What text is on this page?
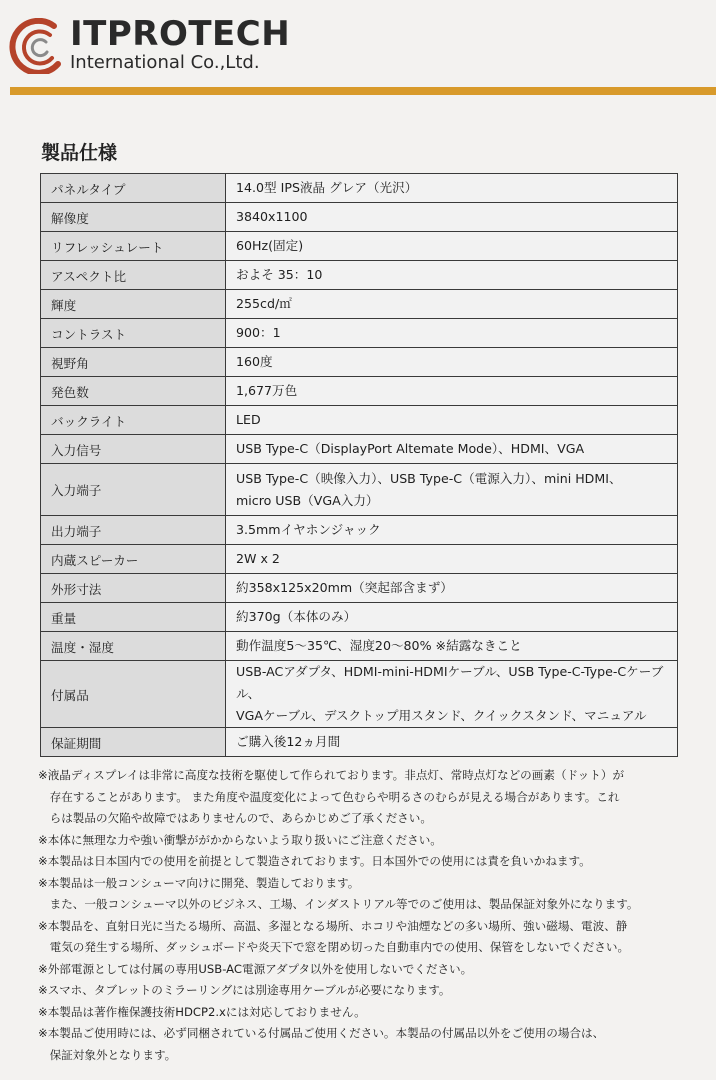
ITPROTECH
International Co.,Ltd.
製品仕様
パネルタイプ	14.0型 IPS液晶 グレア（光沢）
解像度	3840x1100
リフレッシュレート	60Hz(固定)
アスペクト比	およそ 35：10
輝度	255cd/㎡
コントラスト	900：1
視野角	160度
発色数	1,677万色
バックライト	LED
入力信号	USB Type-C（DisplayPort Altemate Mode）、HDMI、VGA
入力端子	USB Type-C（映像入力）、USB Type-C（電源入力）、mini HDMI、
micro USB（VGA入力）

出力端子	3.5mmイヤホンジャック
内蔵スピーカー	2W x 2
外形寸法	約358x125x20mm（突起部含まず）
重量	約370g（本体のみ）
温度・湿度	動作温度5～35℃、湿度20～80% ※結露なきこと
付属品	USB-ACアダプタ、HDMI-mini-HDMIケーブル、USB Type-C-Type-Cケーブル、
VGAケーブル、デスクトップ用スタンド、クイックスタンド、マニュアル

保証期間	ご購入後12ヵ月間
※液晶ディスプレイは非常に高度な技術を駆使して作られております。非点灯、常時点灯などの画素（ドット）が
　存在することがあります。 また角度や温度変化によって色むらや明るさのむらが見える場合があります。これ
　らは製品の欠陥や故障ではありませんので、あらかじめご了承ください。
※本体に無理な力や強い衝撃ががかからないよう取り扱いにご注意ください。
※本製品は日本国内での使用を前提として製造されております。日本国外での使用には責を負いかねます。
※本製品は一般コンシューマ向けに開発、製造しております。
　また、一般コンシューマ以外のビジネス、工場、インダストリアル等でのご使用は、製品保証対象外になります。
※本製品を、直射日光に当たる場所、高温、多湿となる場所、ホコリや油煙などの多い場所、強い磁場、電波、静
　電気の発生する場所、ダッシュボードや炎天下で窓を閉め切った自動車内での使用、保管をしないでください。
※外部電源としては付属の専用USB-AC電源アダプタ以外を使用しないでください。
※スマホ、タブレットのミラーリングには別途専用ケーブルが必要になります。
※本製品は著作権保護技術HDCP2.xには対応しておりません。
※本製品ご使用時には、必ず同梱されている付属品ご使用ください。本製品の付属品以外をご使用の場合は、
　保証対象外となります。
